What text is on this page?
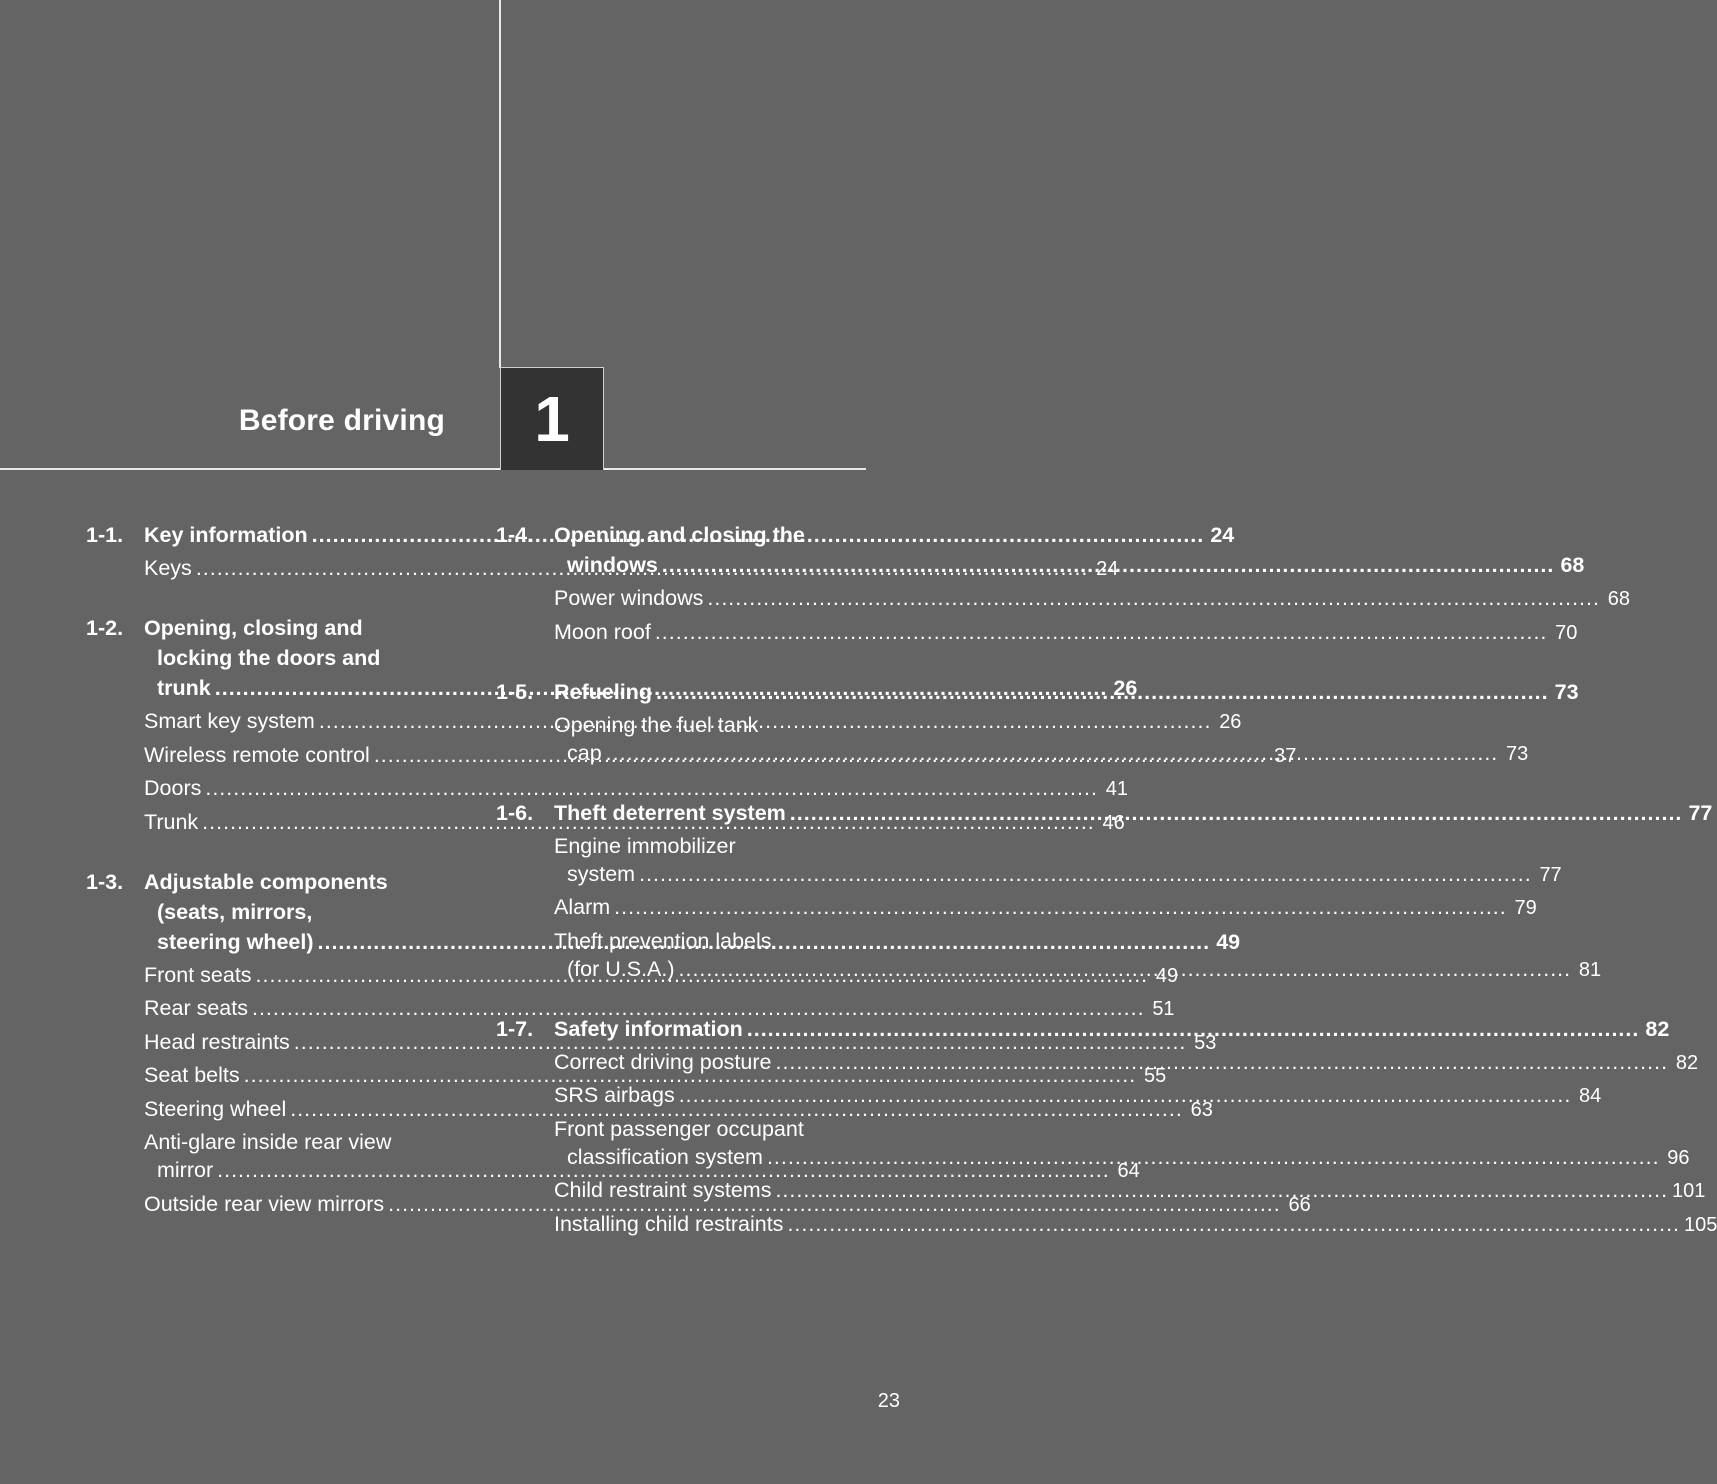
Before driving 1
1-1. Key information .....	24
Keys .....	24
1-2. Opening, closing and
locking the doors and
trunk .....	26
Smart key system .....	26
Wireless remote control .....	37
Doors .....	41
Trunk .....	46
1-3. Adjustable components
(seats, mirrors,
steering wheel) .....	49
Front seats .....	49
Rear seats .....	51
Head restraints .....	53
Seat belts .....	55
Steering wheel .....	63
Anti-glare inside rear view
mirror .....	64
Outside rear view mirrors .....	66
1-4. Opening and closing the
windows .....	68
Power windows .....	68
Moon roof .....	70
1-5. Refueling .....	73
Opening the fuel tank
cap .....	73
1-6. Theft deterrent system .....	77
Engine immobilizer
system .....	77
Alarm .....	79
Theft prevention labels
(for U.S.A.) .....	81
1-7. Safety information .....	82
Correct driving posture .....	82
SRS airbags .....	84
Front passenger occupant
classification system .....	96
Child restraint systems .....	101
Installing child restraints .....	105
23
